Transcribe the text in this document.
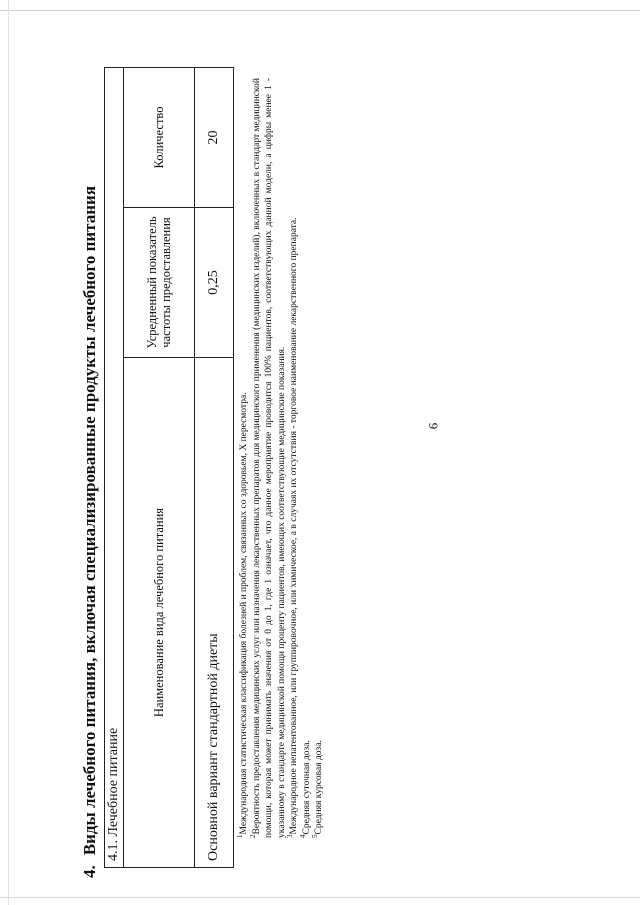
6
4.Виды лечебного питания, включая специализированные продукты лечебного питания 4.1. Лечебное питание		
Наименование вида лечебного питания	Усредненный показатель частоты предоставления	Количество
Основной вариант стандартной диеты	0,25	20

$^1$Международная статистическая классификация болезней и проблем, связанных со здоровьем, X пересмотра.

$^2$Вероятность предоставления медицинских услуг или назначения лекарственных препаратов для медицинского применения (медицинских изделий), включенных в стандарт медицинской помощи, которая может принимать значения от 0 до 1, где 1 означает, что данное мероприятие проводится 100% пациентов, соответствующих данной модели, а цифры менее 1 - указанному в стандарте медицинской помощи проценту пациентов, имеющих соответствующие медицинские показания. $^3$Международное непатентованное, или группировочное, или химическое, а в случаях их отсутствия - торговое наименование лекарственного препарата.

$^4$Средняя суточная доза.

$^5$Средняя курсовая доза.
